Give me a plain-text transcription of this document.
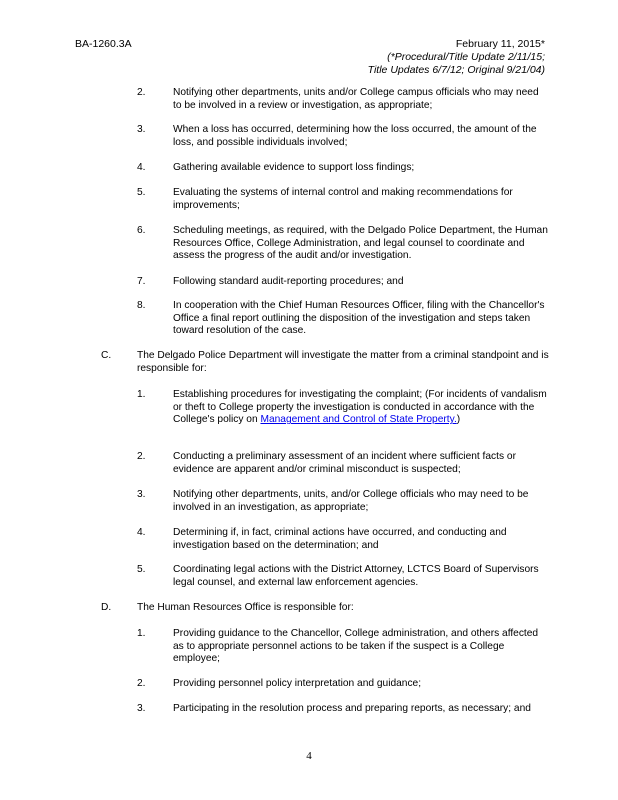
BA-1260.3A	February 11, 2015*
(*Procedural/Title Update 2/11/15;
Title Updates 6/7/12; Original 9/21/04)
2.	Notifying other departments, units and/or College campus officials who may need to be involved in a review or investigation, as appropriate;
3.	When a loss has occurred, determining how the loss occurred, the amount of the loss, and possible individuals involved;
4.	Gathering available evidence to support loss findings;
5.	Evaluating the systems of internal control and making recommendations for improvements;
6.	Scheduling meetings, as required, with the Delgado Police Department, the Human Resources Office, College Administration, and legal counsel to coordinate and assess the progress of the audit and/or investigation.
7.	Following standard audit-reporting procedures; and
8.	In cooperation with the Chief Human Resources Officer, filing with the Chancellor's Office a final report outlining the disposition of the investigation and steps taken toward resolution of the case.
C.	The Delgado Police Department will investigate the matter from a criminal standpoint and is responsible for:
1.	Establishing procedures for investigating the complaint; (For incidents of vandalism or theft to College property the investigation is conducted in accordance with the College's policy on Management and Control of State Property.)
2.	Conducting a preliminary assessment of an incident where sufficient facts or evidence are apparent and/or criminal misconduct is suspected;
3.	Notifying other departments, units, and/or College officials who may need to be involved in an investigation, as appropriate;
4.	Determining if, in fact, criminal actions have occurred, and conducting and investigation based on the determination; and
5.	Coordinating legal actions with the District Attorney, LCTCS Board of Supervisors legal counsel, and external law enforcement agencies.
D.	The Human Resources Office is responsible for:
1.	Providing guidance to the Chancellor, College administration, and others affected as to appropriate personnel actions to be taken if the suspect is a College employee;
2.	Providing personnel policy interpretation and guidance;
3.	Participating in the resolution process and preparing reports, as necessary; and
4
